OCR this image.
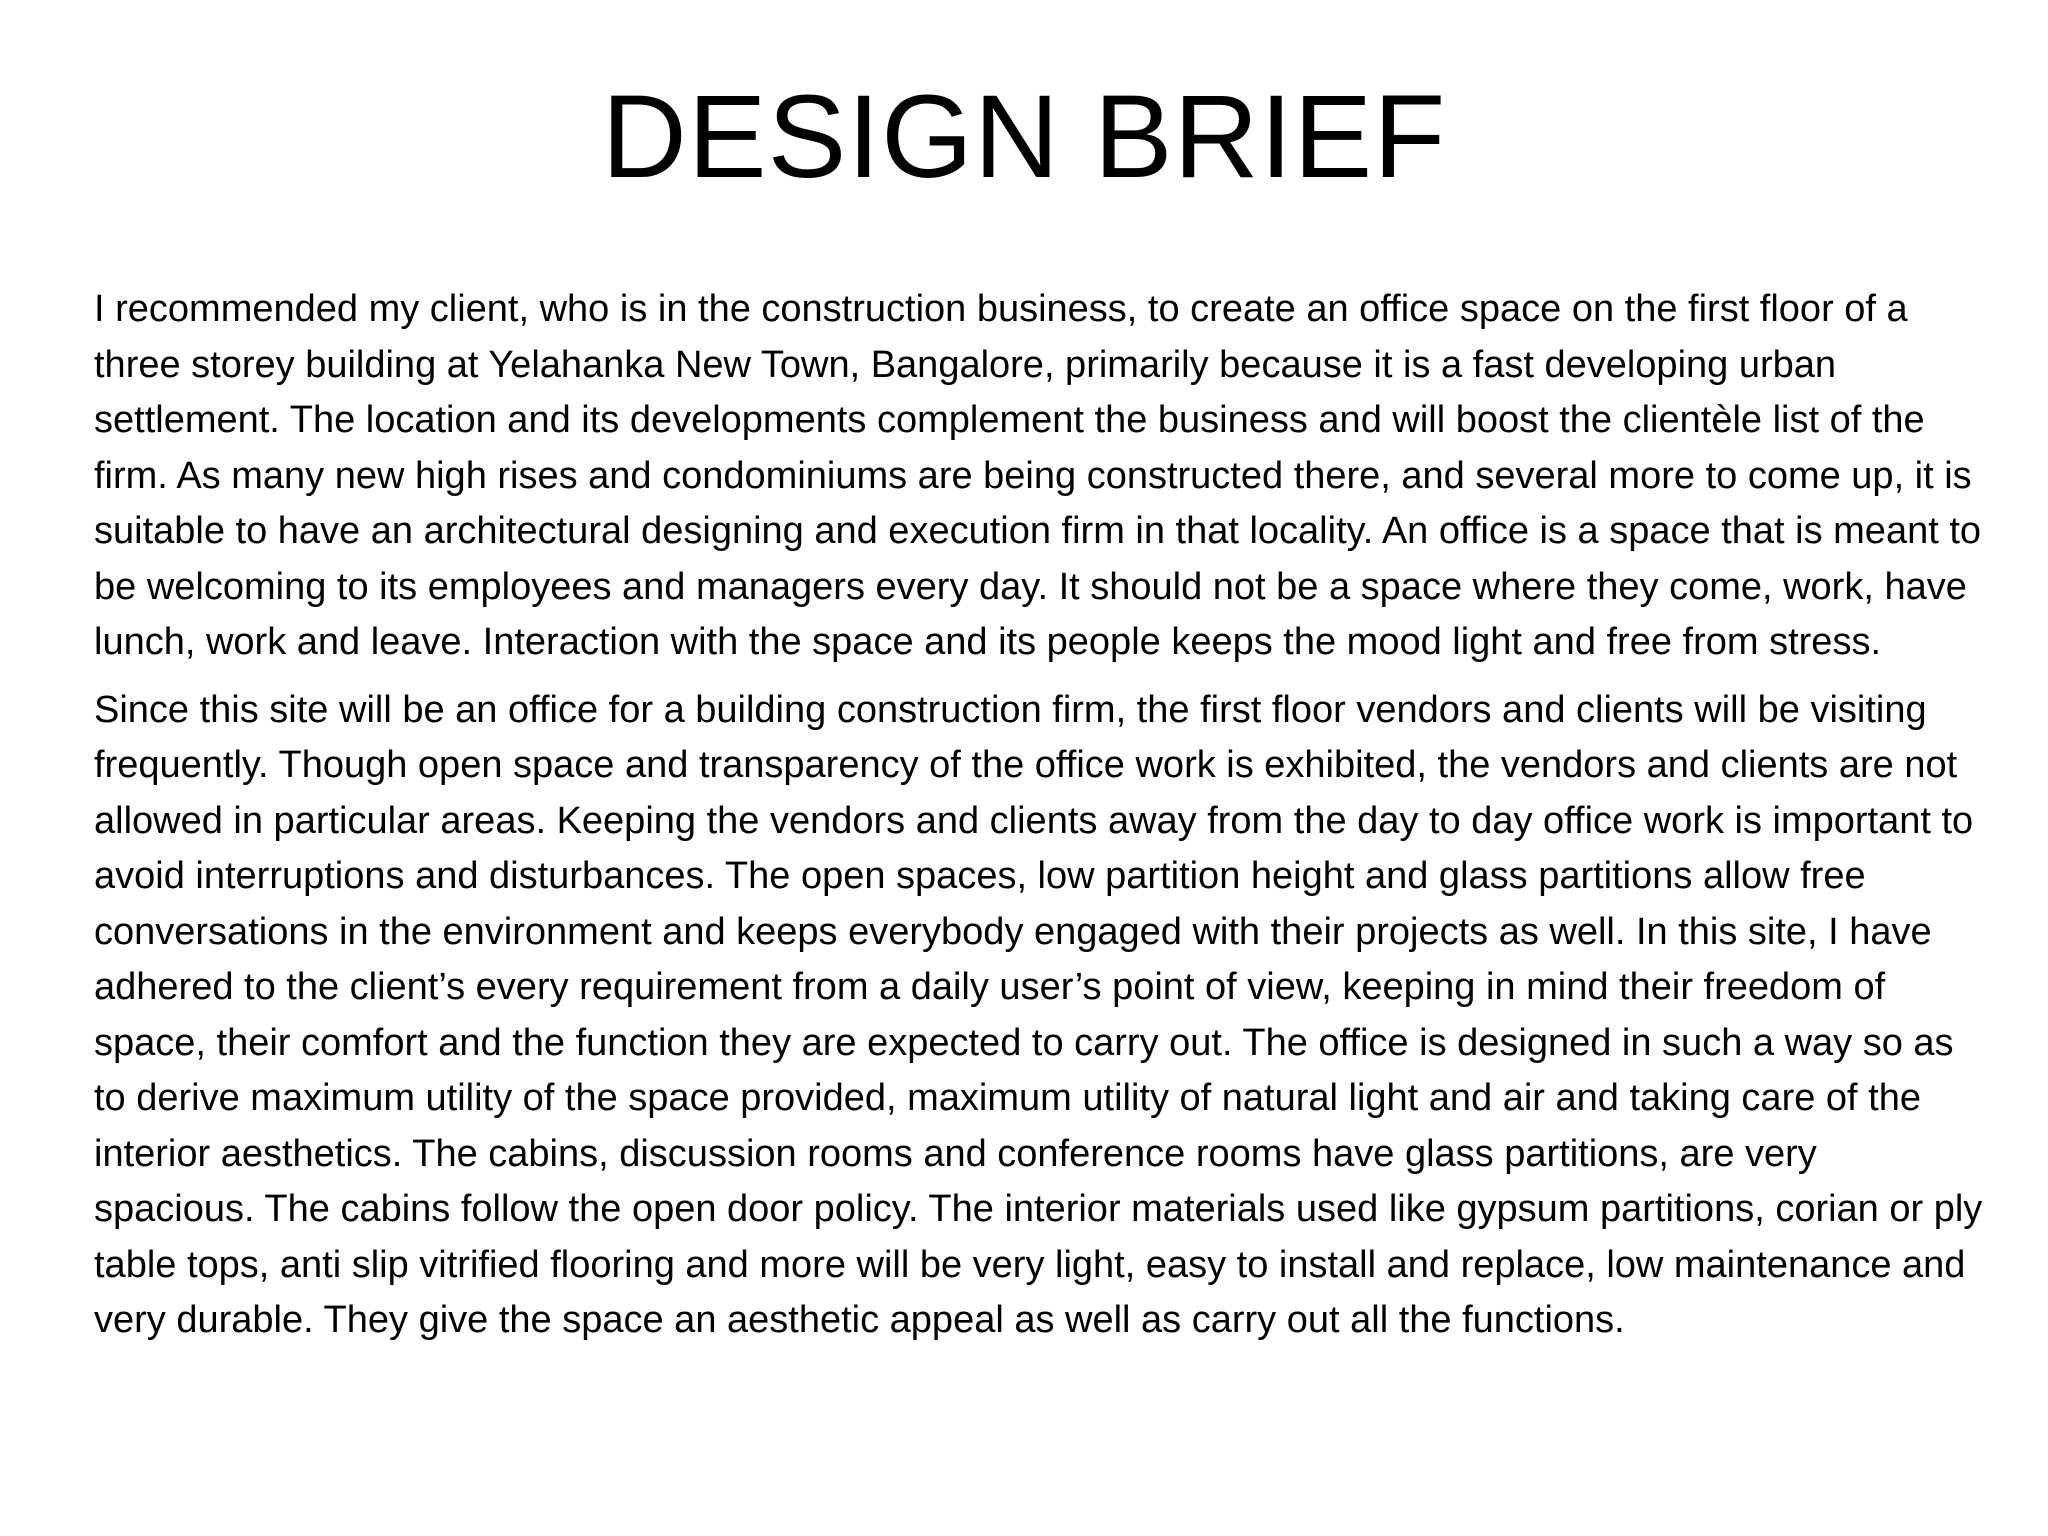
DESIGN BRIEF

I recommended my client, who is in the construction business, to create an office space on the first floor of a three storey building at Yelahanka New Town, Bangalore, primarily because it is a fast developing urban settlement. The location and its developments complement the business and will boost the clientèle list of the firm. As many new high rises and condominiums are being constructed there, and several more to come up, it is suitable to have an architectural designing and execution firm in that locality. An office is a space that is meant to be welcoming to its employees and managers every day. It should not be a space where they come, work, have lunch, work and leave. Interaction with the space and its people keeps the mood light and free from stress.

Since this site will be an office for a building construction firm, the first floor vendors and clients will be visiting frequently. Though open space and transparency of the office work is exhibited, the vendors and clients are not allowed in particular areas. Keeping the vendors and clients away from the day to day office work is important to avoid interruptions and disturbances. The open spaces, low partition height and glass partitions allow free conversations in the environment and keeps everybody engaged with their projects as well. In this site, I have adhered to the client’s every requirement from a daily user’s point of view, keeping in mind their freedom of space, their comfort and the function they are expected to carry out. The office is designed in such a way so as to derive maximum utility of the space provided, maximum utility of natural light and air and taking care of the interior aesthetics. The cabins, discussion rooms and conference rooms have glass partitions, are very spacious. The cabins follow the open door policy. The interior materials used like gypsum partitions, corian or ply table tops, anti slip vitrified flooring and more will be very light, easy to install and replace, low maintenance and very durable. They give the space an aesthetic appeal as well as carry out all the functions.
